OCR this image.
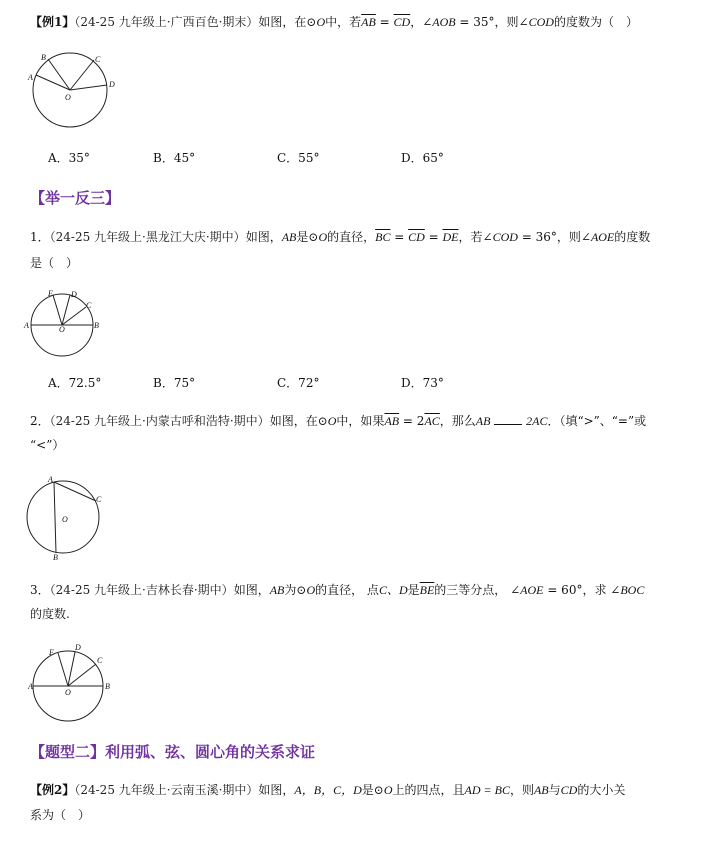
【例1】（24-25 九年级上·广西百色·期末）如图，在⊙O中，若$\overline{AB} = \overline{CD}$，∠AOB = 35°，则∠COD的度数为（　）
A
B	C
D
O
A．35°	B．45°	C．55°	D．65°
【举一反三】
1．（24-25 九年级上·黑龙江大庆·期中）如图，AB是⊙O的直径，$\overline{BC} = \overline{CD} = \overline{DE}$，若∠COD = 36°，则∠AOE的度数
是（　）
E D
C
A	O	B
A．72.5°	B．75°	C．72°	D．73°
2．（24-25 九年级上·内蒙古呼和浩特·期中）如图，在⊙O中，如果$\overline{AB} = 2\overline{AC}$，那么AB	2AC．（填“>”、“=”或
“<”）
A
C
O
B
3．（24-25 九年级上·吉林长春·期中）如图，AB为⊙O的直径， 点C、D是$\overline{BE}$的三等分点， ∠AOE = 60°，求 ∠BOC
的度数.
E
D
C
A
O
B
【题型二】利用弧、弦、圆心角的关系求证
【例2】（24-25 九年级上·云南玉溪·期中）如图，A，B，C，D是⊙O上的四点，且AD = BC，则AB与CD的大小关
系为（　）
